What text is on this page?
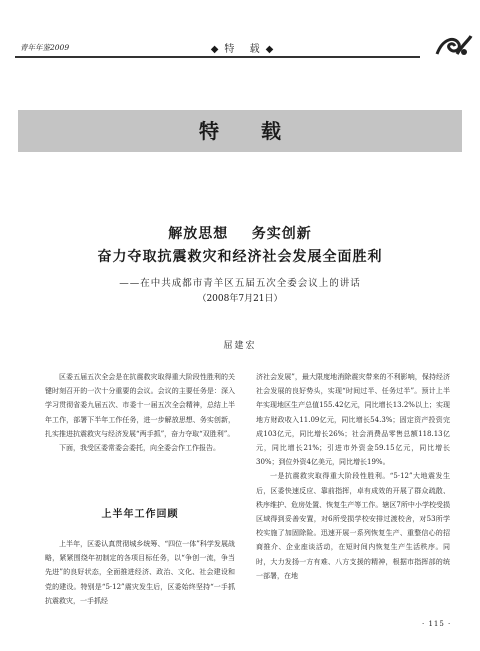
青年年鉴2009	◆特 载◆
特载
解放思想    务实创新
奋力夺取抗震救灾和经济社会发展全面胜利
——在中共成都市青羊区五届五次全委会议上的讲话
（2008年7月21日）
屈建宏

区委五届五次全会是在抗震救灾取得重大阶段性胜利的关键时刻召开的一次十分重要的会议。会议的主要任务是：深入学习贯彻省委九届五次、市委十一届五次全会精神，总结上半年工作，部署下半年工作任务，进一步解放思想、务实创新，扎实推进抗震救灾与经济发展“两手抓”，奋力夺取“双胜利”。

下面，我受区委常委会委托，向全委会作工作报告。

上半年工作回顾

上半年，区委认真贯彻城乡统筹、“四位一体”科学发展战略，紧紧围绕年初制定的各项目标任务，以“争创一流，争当先进”的良好状态，全面推进经济、政治、文化、社会建设和党的建设。特别是“5·12”震灾发生后，区委始终坚持“一手抓抗震救灾，一手抓经

济社会发展”，最大限度地消除震灾带来的不利影响，保持经济社会发展的良好势头，实现“时间过半、任务过半”。预计上半年实现地区生产总值155.42亿元，同比增长13.2%以上；实现地方财政收入11.09亿元，同比增长54.3%；固定资产投资完成103亿元，同比增长26%；社会消费品零售总额118.13亿元，同比增长21%；引进市外资金59.15亿元，同比增长30%；到位外资4亿美元，同比增长19%。

一是抗震救灾取得重大阶段性胜利。“5·12”大地震发生后，区委快速反应、靠前指挥，卓有成效的开展了群众疏散、秩序维护、危房处置、恢复生产等工作。辖区7所中小学校受损区域得到妥善安置，对6所受损学校安排过渡校舍，对53所学校实施了加固除险。迅速开展一系列恢复生产、重整信心的招商推介、企业座谈活动，在短时间内恢复生产生活秩序。同时，大力发扬一方有难、八方支援的精神，根据市指挥部的统一部署，在地

· 115 ·
